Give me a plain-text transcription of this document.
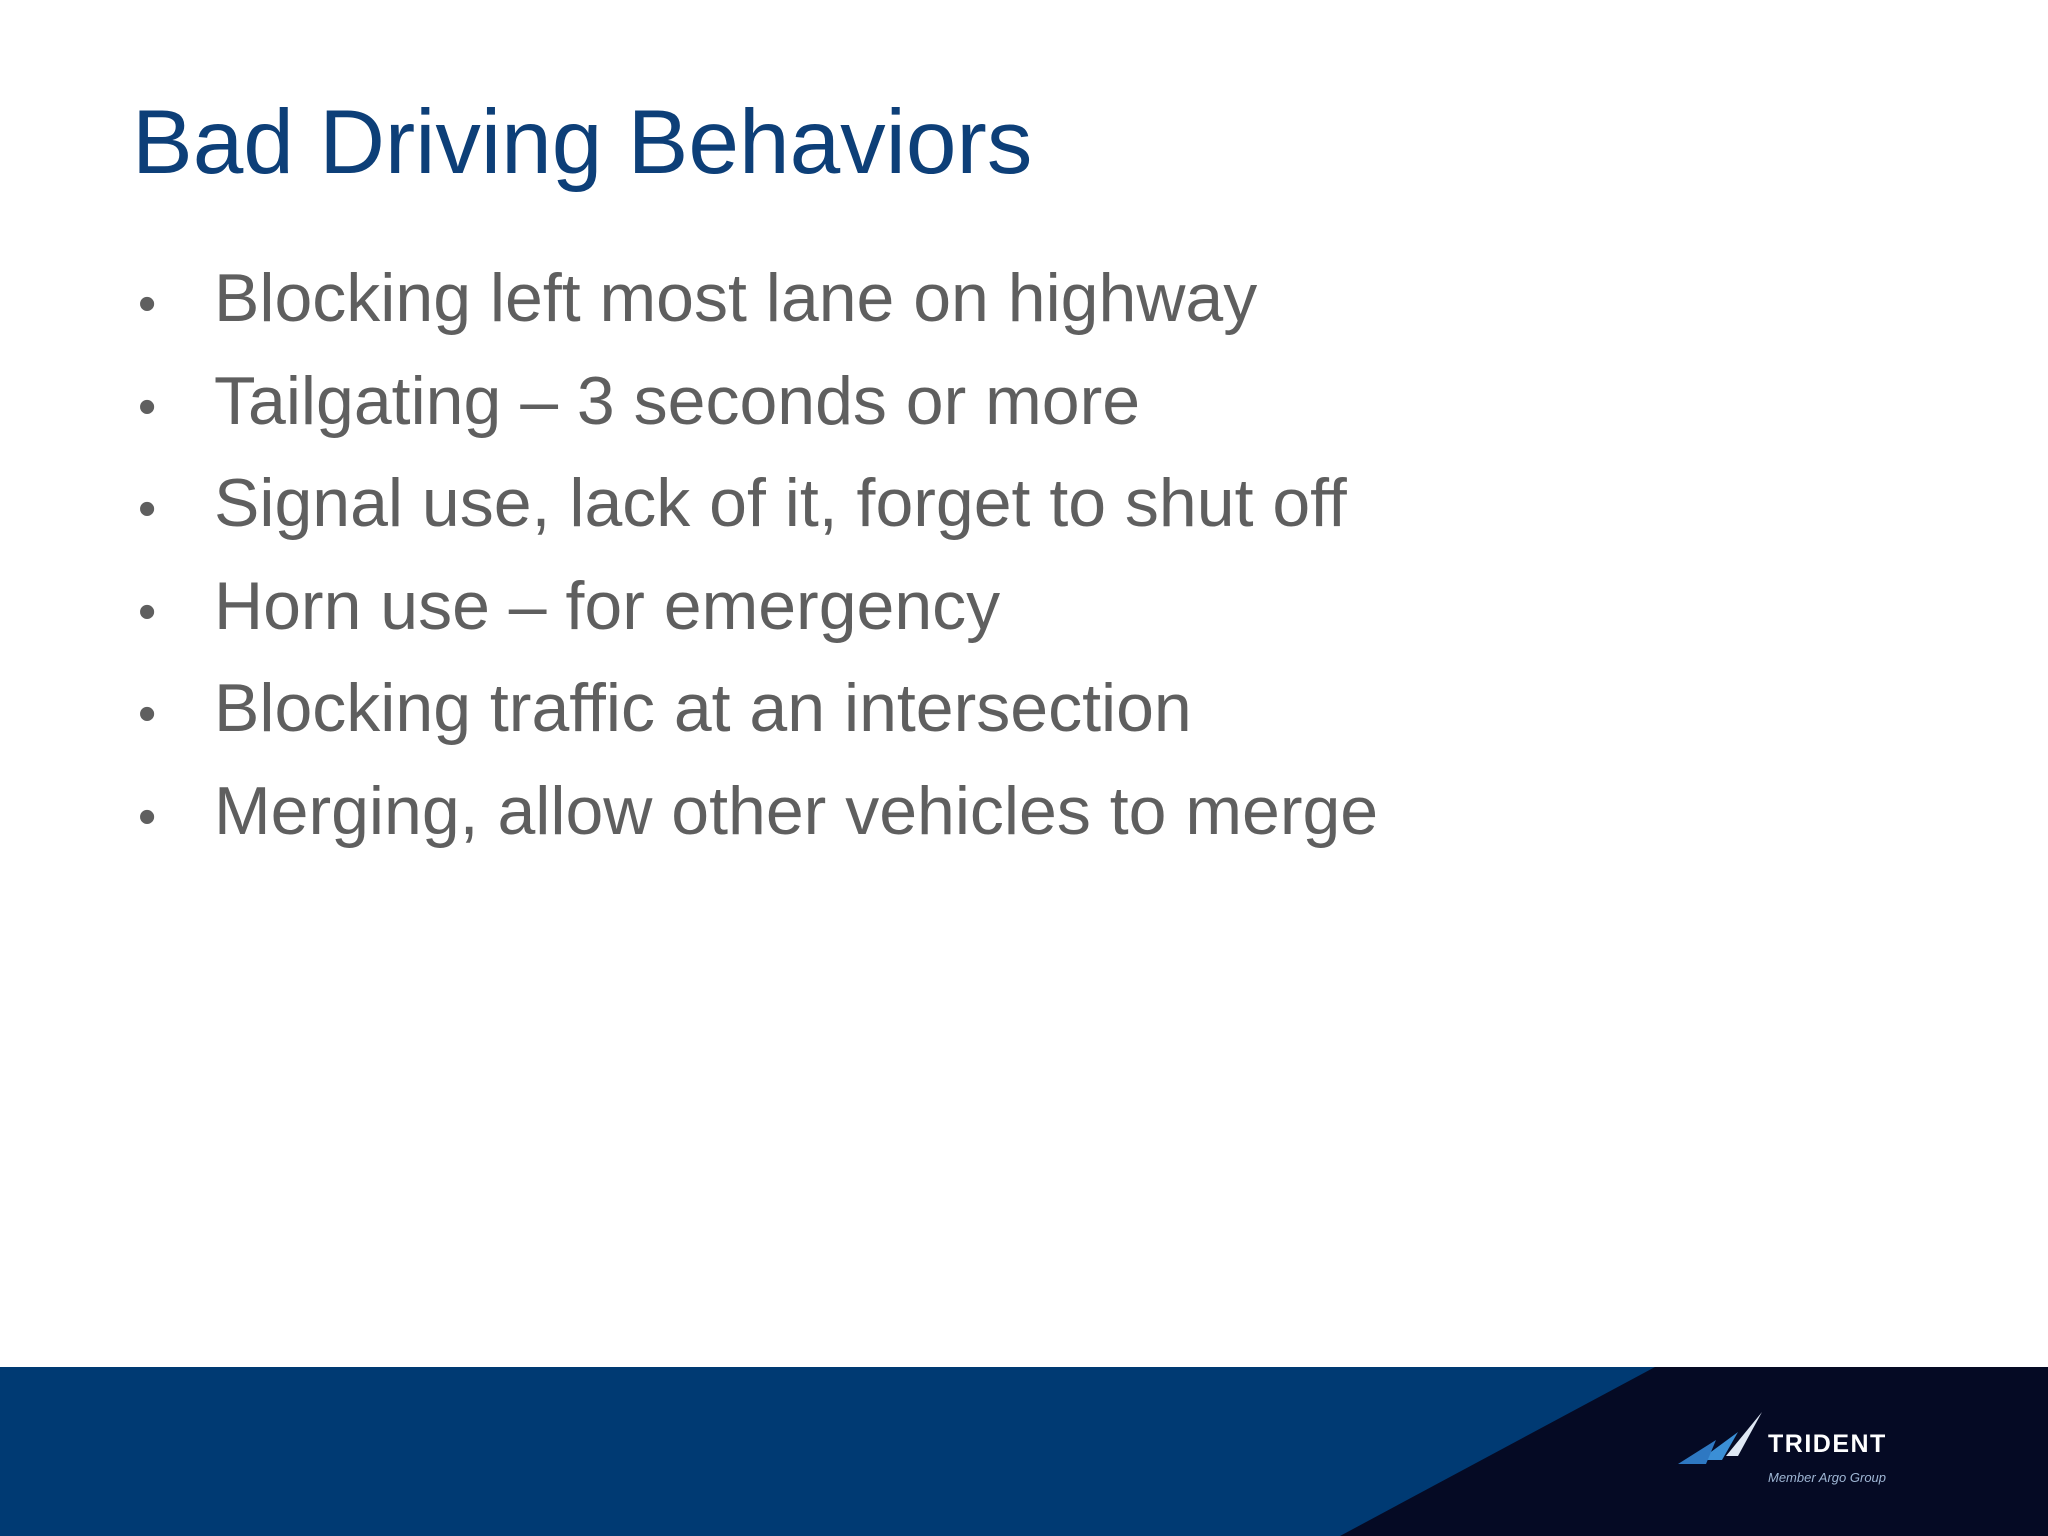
Bad Driving Behaviors
• Blocking left most lane on highway
• Tailgating – 3 seconds or more
• Signal use, lack of it, forget to shut off
• Horn use – for emergency
• Blocking traffic at an intersection
• Merging, allow other vehicles to merge
TRIDENT
Member Argo Group
